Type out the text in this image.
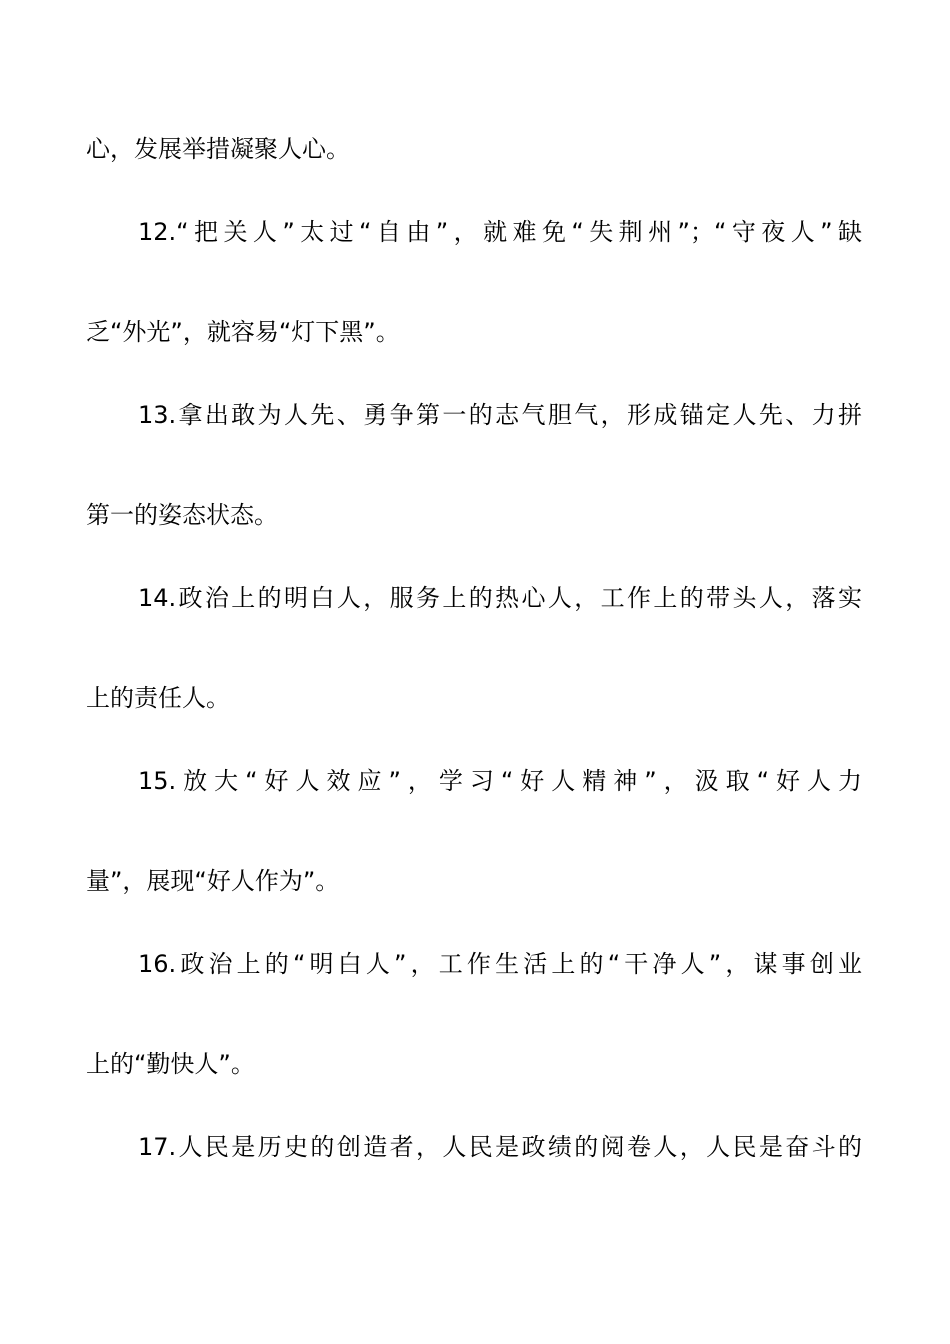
心，发展举措凝聚人心。
12.“把关人”太过“自由”，就难免“失荆州”；“守夜人”缺
乏“外光”，就容易“灯下黑”。
13.拿出敢为人先、勇争第一的志气胆气，形成锚定人先、力拼
第一的姿态状态。
14.政治上的明白人，服务上的热心人，工作上的带头人，落实
上的责任人。
15.放大“好人效应”，学习“好人精神”，汲取“好人力
量”，展现“好人作为”。
16.政治上的“明白人”，工作生活上的“干净人”，谋事创业
上的“勤快人”。
17.人民是历史的创造者，人民是政绩的阅卷人，人民是奋斗的
